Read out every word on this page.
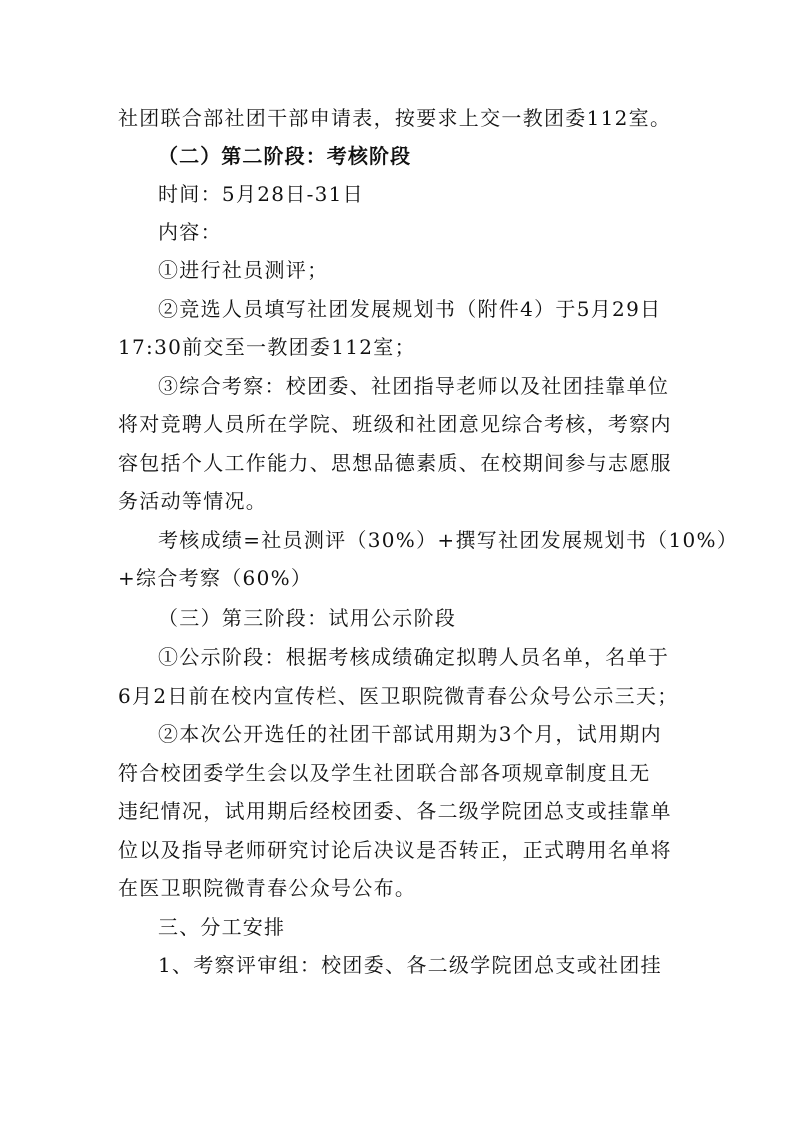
社团联合部社团干部申请表，按要求上交一教团委112室。

（二）第二阶段：考核阶段

时间：5月28日-31日

内容：

①进行社员测评；

②竞选人员填写社团发展规划书（附件4）于5月29日

17:30前交至一教团委112室；

③综合考察：校团委、社团指导老师以及社团挂靠单位

将对竞聘人员所在学院、班级和社团意见综合考核，考察内

容包括个人工作能力、思想品德素质、在校期间参与志愿服

务活动等情况。

考核成绩=社员测评（30%）+撰写社团发展规划书（10%）

+综合考察（60%）

（三）第三阶段：试用公示阶段

①公示阶段：根据考核成绩确定拟聘人员名单，名单于

6月2日前在校内宣传栏、医卫职院微青春公众号公示三天；

②本次公开选任的社团干部试用期为3个月，试用期内

符合校团委学生会以及学生社团联合部各项规章制度且无

违纪情况，试用期后经校团委、各二级学院团总支或挂靠单

位以及指导老师研究讨论后决议是否转正，正式聘用名单将

在医卫职院微青春公众号公布。

三、分工安排

1、考察评审组：校团委、各二级学院团总支或社团挂
